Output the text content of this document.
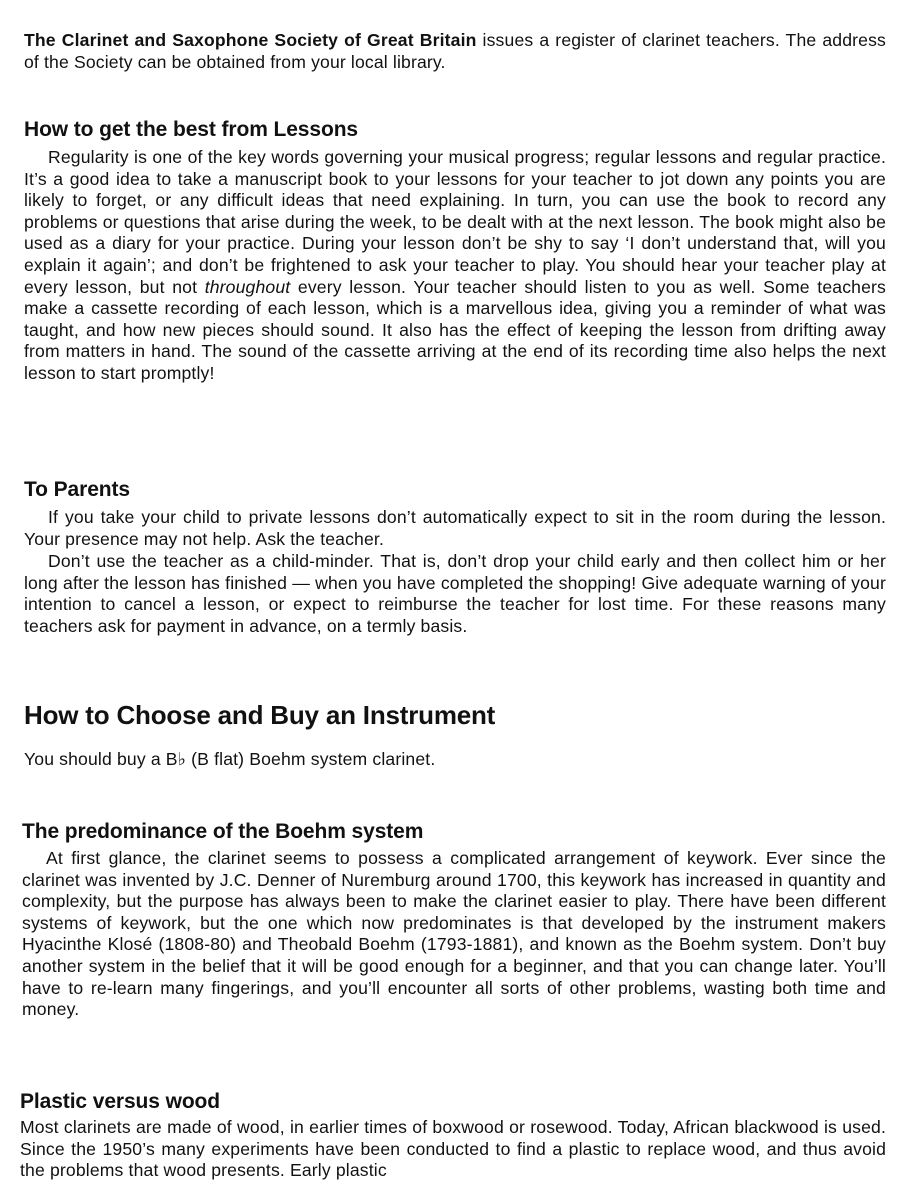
The Clarinet and Saxophone Society of Great Britain issues a register of clarinet teachers. The address of the Society can be obtained from your local library.

How to get the best from Lessons

Regularity is one of the key words governing your musical progress; regular lessons and regular practice. It’s a good idea to take a manuscript book to your lessons for your teacher to jot down any points you are likely to forget, or any difficult ideas that need explaining. In turn, you can use the book to record any problems or questions that arise during the week, to be dealt with at the next lesson. The book might also be used as a diary for your practice. During your lesson don’t be shy to say ‘I don’t understand that, will you explain it again’; and don’t be frightened to ask your teacher to play. You should hear your teacher play at every lesson, but not throughout every lesson. Your teacher should listen to you as well. Some teachers make a cassette recording of each lesson, which is a marvellous idea, giving you a reminder of what was taught, and how new pieces should sound. It also has the effect of keeping the lesson from drifting away from matters in hand. The sound of the cassette arriving at the end of its recording time also helps the next lesson to start promptly!

To Parents

If you take your child to private lessons don’t automatically expect to sit in the room during the lesson. Your presence may not help. Ask the teacher.

Don’t use the teacher as a child-minder. That is, don’t drop your child early and then collect him or her long after the lesson has finished — when you have completed the shopping! Give adequate warning of your intention to cancel a lesson, or expect to reimburse the teacher for lost time. For these reasons many teachers ask for payment in advance, on a termly basis.

How to Choose and Buy an Instrument

You should buy a B♭ (B flat) Boehm system clarinet.

The predominance of the Boehm system

At first glance, the clarinet seems to possess a complicated arrangement of keywork. Ever since the clarinet was invented by J.C. Denner of Nuremburg around 1700, this keywork has increased in quantity and complexity, but the purpose has always been to make the clarinet easier to play. There have been different systems of keywork, but the one which now predominates is that developed by the instrument makers Hyacinthe Klosé (1808-80) and Theobald Boehm (1793-1881), and known as the Boehm system. Don’t buy another system in the belief that it will be good enough for a beginner, and that you can change later. You’ll have to re-learn many fingerings, and you’ll encounter all sorts of other problems, wasting both time and money.

Plastic versus wood

Most clarinets are made of wood, in earlier times of boxwood or rosewood. Today, African blackwood is used. Since the 1950’s many experiments have been conducted to find a plastic to replace wood, and thus avoid the problems that wood presents. Early plastic
